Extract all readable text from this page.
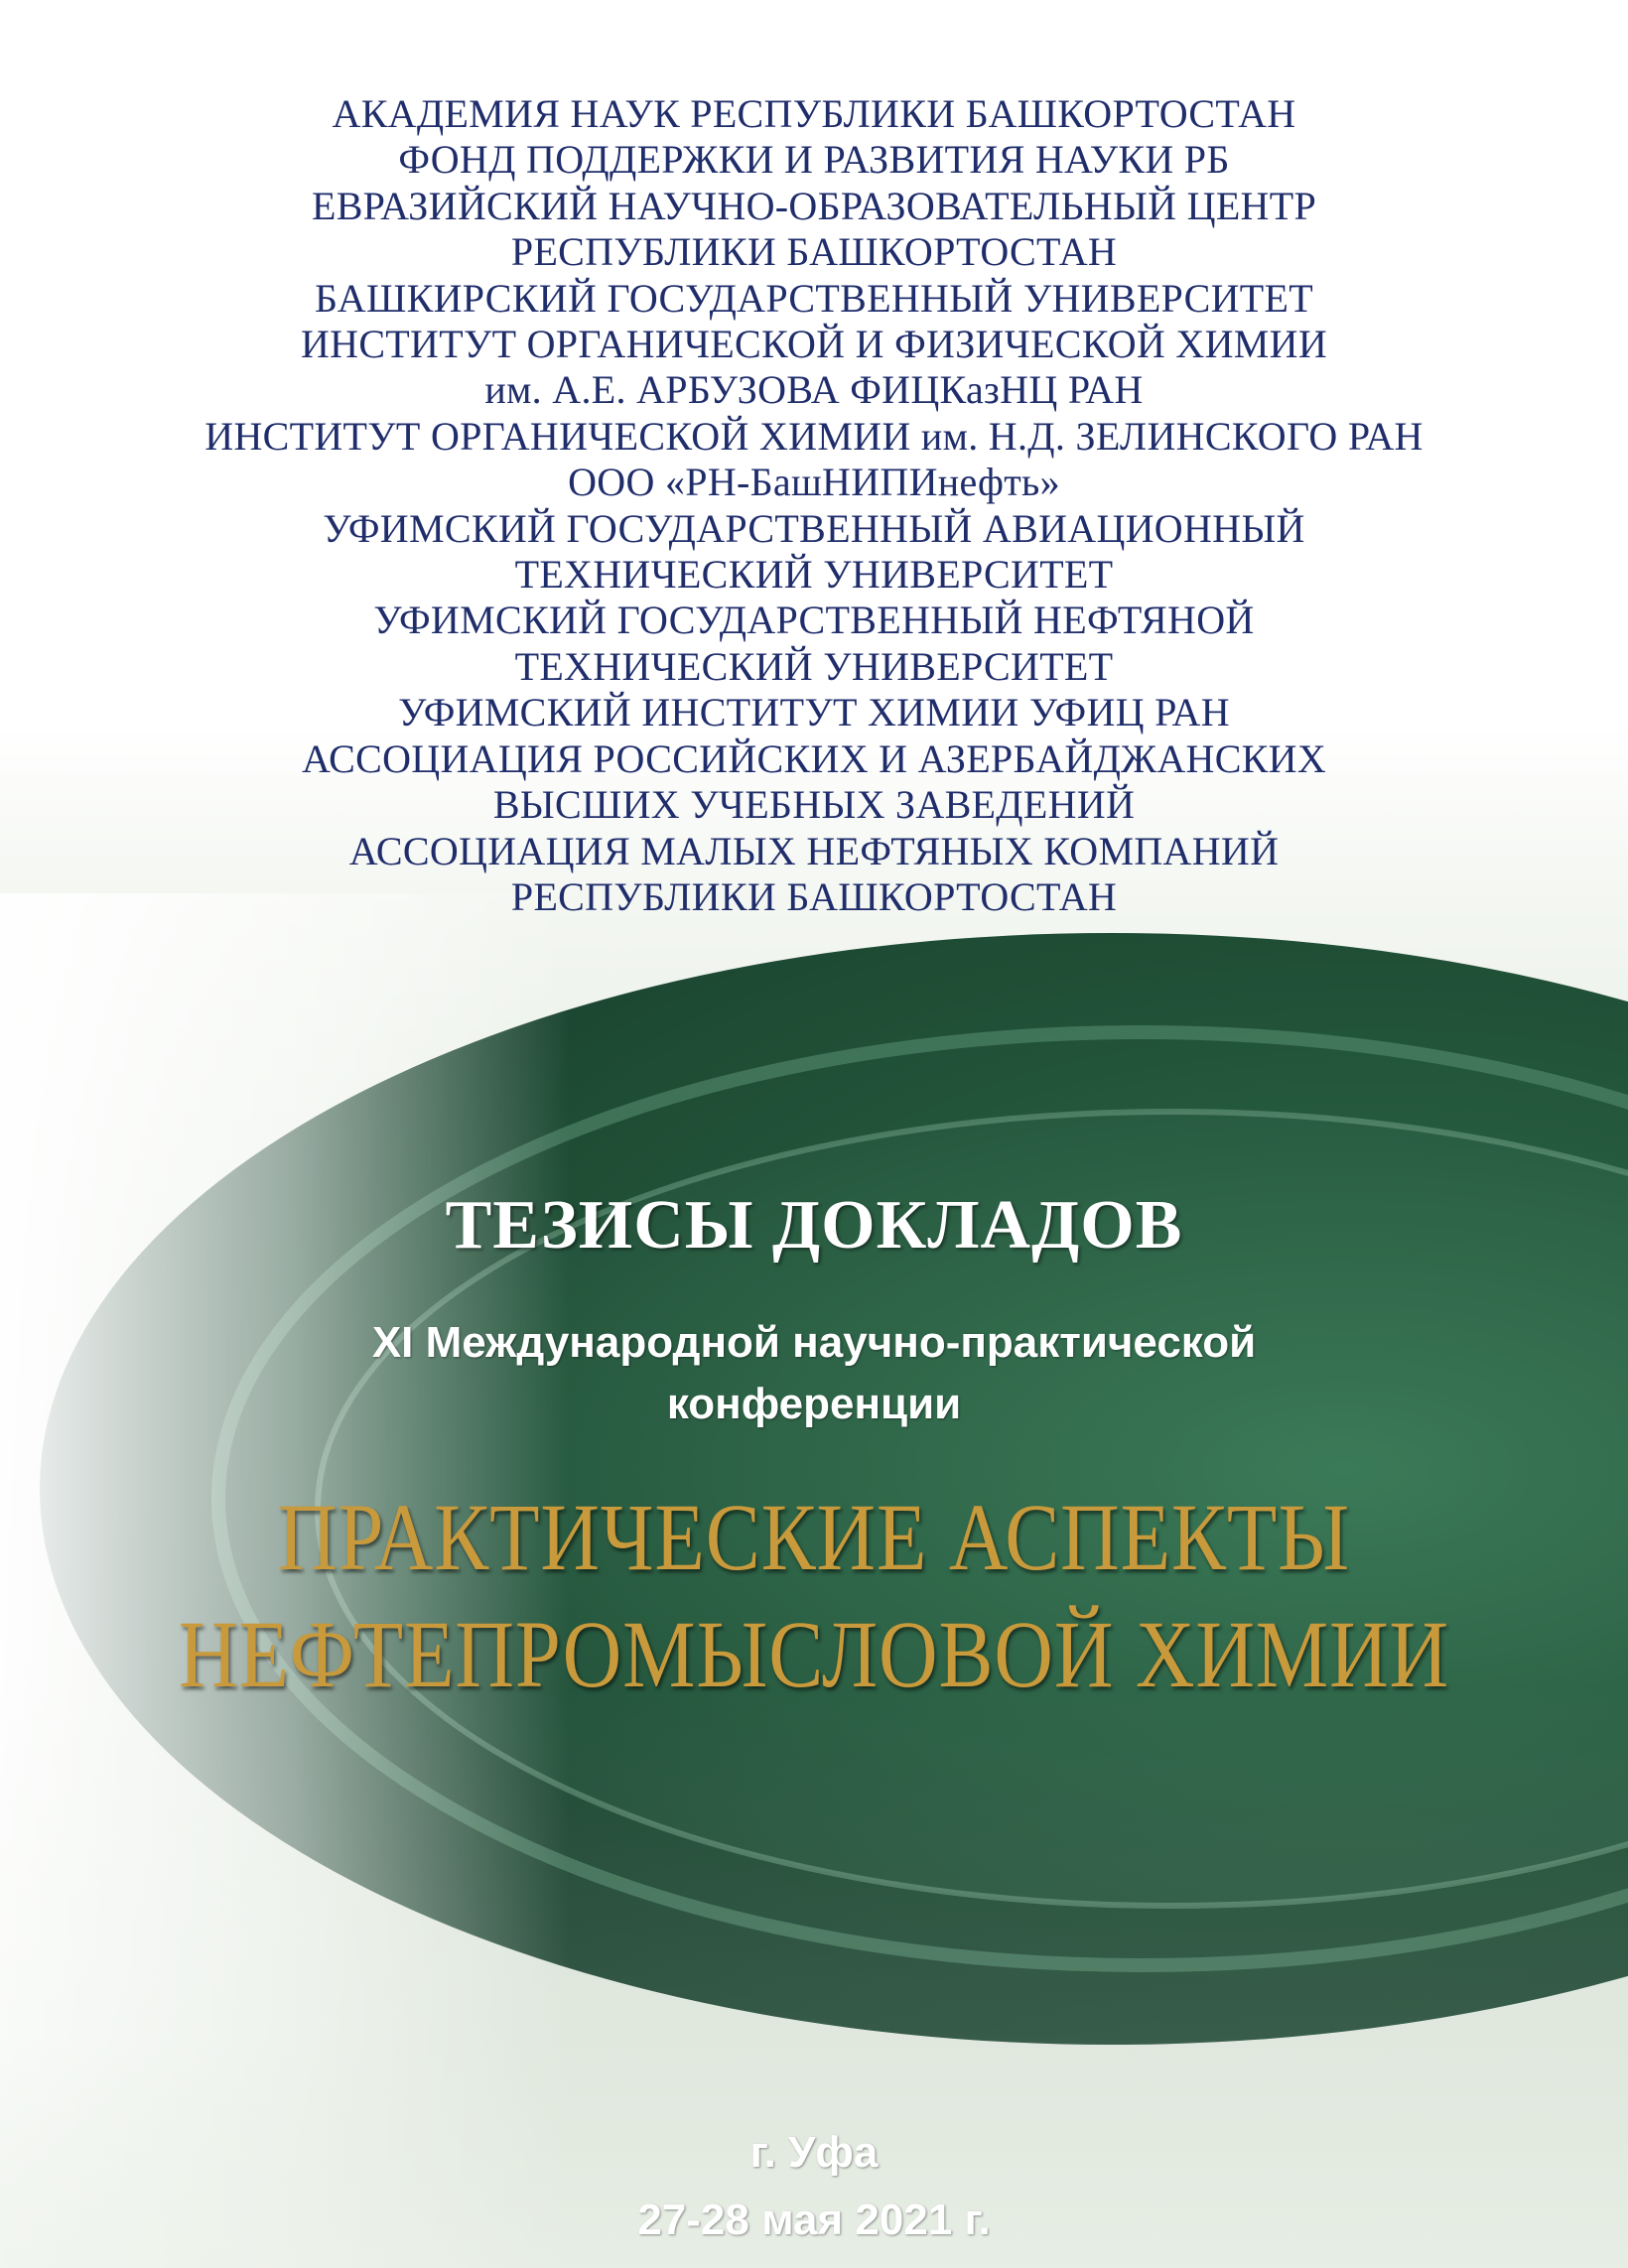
АКАДЕМИЯ НАУК РЕСПУБЛИКИ БАШКОРТОСТАН
ФОНД ПОДДЕРЖКИ И РАЗВИТИЯ НАУКИ РБ
ЕВРАЗИЙСКИЙ НАУЧНО-ОБРАЗОВАТЕЛЬНЫЙ ЦЕНТР
РЕСПУБЛИКИ БАШКОРТОСТАН
БАШКИРСКИЙ ГОСУДАРСТВЕННЫЙ УНИВЕРСИТЕТ
ИНСТИТУТ ОРГАНИЧЕСКОЙ И ФИЗИЧЕСКОЙ ХИМИИ
им. А.Е. АРБУЗОВА ФИЦКазНЦ РАН
ИНСТИТУТ ОРГАНИЧЕСКОЙ ХИМИИ им. Н.Д. ЗЕЛИНСКОГО РАН
ООО «РН-БашНИПИнефть»
УФИМСКИЙ ГОСУДАРСТВЕННЫЙ АВИАЦИОННЫЙ
ТЕХНИЧЕСКИЙ УНИВЕРСИТЕТ
УФИМСКИЙ ГОСУДАРСТВЕННЫЙ НЕФТЯНОЙ
ТЕХНИЧЕСКИЙ УНИВЕРСИТЕТ
УФИМСКИЙ ИНСТИТУТ ХИМИИ УФИЦ РАН
АССОЦИАЦИЯ РОССИЙСКИХ И АЗЕРБАЙДЖАНСКИХ
ВЫСШИХ УЧЕБНЫХ ЗАВЕДЕНИЙ
АССОЦИАЦИЯ МАЛЫХ НЕФТЯНЫХ КОМПАНИЙ
РЕСПУБЛИКИ БАШКОРТОСТАН
ТЕЗИСЫ ДОКЛАДОВ
XI Международной научно-практической
конференции
ПРАКТИЧЕСКИЕ АСПЕКТЫ
НЕФТЕПРОМЫСЛОВОЙ ХИМИИ
г. Уфа
27-28 мая 2021 г.
